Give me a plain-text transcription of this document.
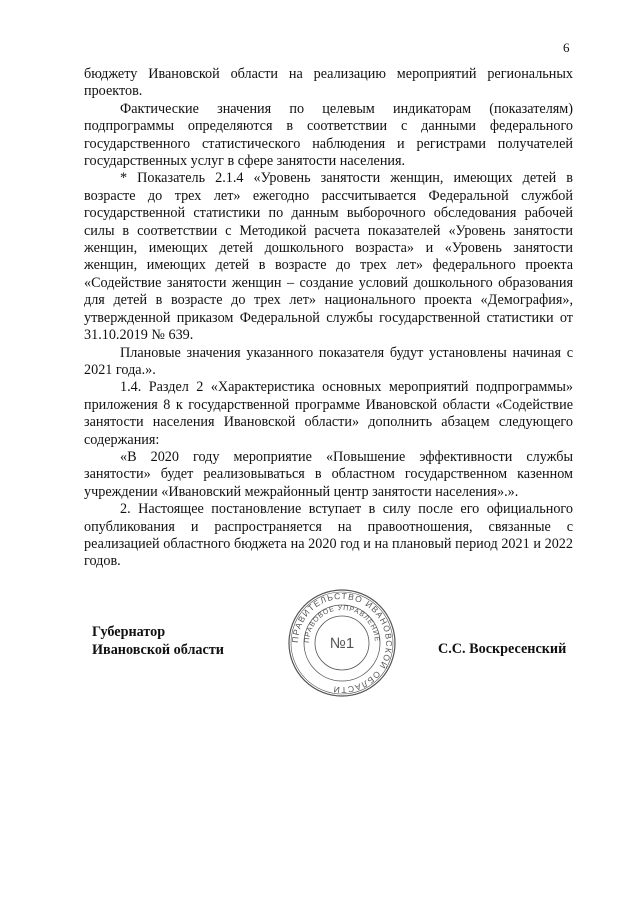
6

бюджету Ивановской области на реализацию мероприятий региональных проектов.

Фактические значения по целевым индикаторам (показателям) подпрограммы определяются в соответствии с данными федерального государственного статистического наблюдения и регистрами получателей государственных услуг в сфере занятости населения.

* Показатель 2.1.4 «Уровень занятости женщин, имеющих детей в возрасте до трех лет» ежегодно рассчитывается Федеральной службой государственной статистики по данным выборочного обследования рабочей силы в соответствии с Методикой расчета показателей «Уровень занятости женщин, имеющих детей дошкольного возраста» и «Уровень занятости женщин, имеющих детей в возрасте до трех лет» федерального проекта «Содействие занятости женщин – создание условий дошкольного образования для детей в возрасте до трех лет» национального проекта «Демография», утвержденной приказом Федеральной службы государственной статистики от 31.10.2019 № 639.

Плановые значения указанного показателя будут установлены начиная с 2021 года.».

1.4. Раздел 2 «Характеристика основных мероприятий подпрограммы» приложения 8 к государственной программе Ивановской области «Содействие занятости населения Ивановской области» дополнить абзацем следующего содержания:

«В 2020 году мероприятие «Повышение эффективности службы занятости» будет реализовываться в областном государственном казенном учреждении «Ивановский межрайонный центр занятости населения».».

2. Настоящее постановление вступает в силу после его официального опубликования и распространяется на правоотношения, связанные с реализацией областного бюджета на 2020 год и на плановый период 2021 и 2022 годов.

Губернатор
Ивановской области
ПРАВИТЕЛЬСТВО ИВАНОВСКОЙ ОБЛАСТИ
ПРАВОВОЕ УПРАВЛЕНИЕ
№1	С.С. Воскресенский
